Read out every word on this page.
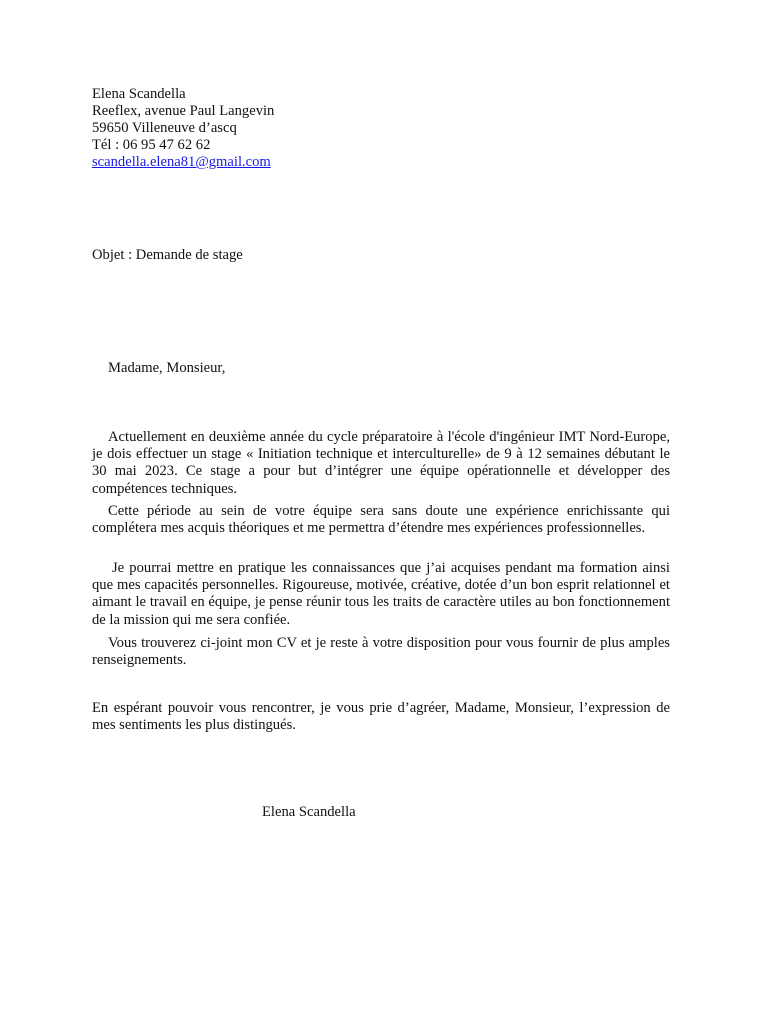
Elena Scandella
Reeflex, avenue Paul Langevin
59650 Villeneuve d’ascq
Tél : 06 95 47 62 62
scandella.elena81@gmail.com
Objet : Demande de stage
Madame, Monsieur,
Actuellement en deuxième année du cycle préparatoire à l'école d'ingénieur IMT Nord-Europe, je dois effectuer un stage « Initiation technique et interculturelle» de 9 à 12 semaines débutant le 30 mai 2023. Ce stage a pour but d’intégrer une équipe opérationnelle et développer des compétences techniques.
Cette période au sein de votre équipe sera sans doute une expérience enrichissante qui complétera mes acquis théoriques et me permettra d’étendre mes expériences professionnelles.
Je pourrai mettre en pratique les connaissances que j’ai acquises pendant ma formation ainsi que mes capacités personnelles. Rigoureuse, motivée, créative, dotée d’un bon esprit relationnel et aimant le travail en équipe, je pense réunir tous les traits de caractère utiles au bon fonctionnement de la mission qui me sera confiée.
Vous trouverez ci-joint mon CV et je reste à votre disposition pour vous fournir de plus amples renseignements.
En espérant pouvoir vous rencontrer, je vous prie d’agréer, Madame, Monsieur, l’expression de mes sentiments les plus distingués.
Elena Scandella
